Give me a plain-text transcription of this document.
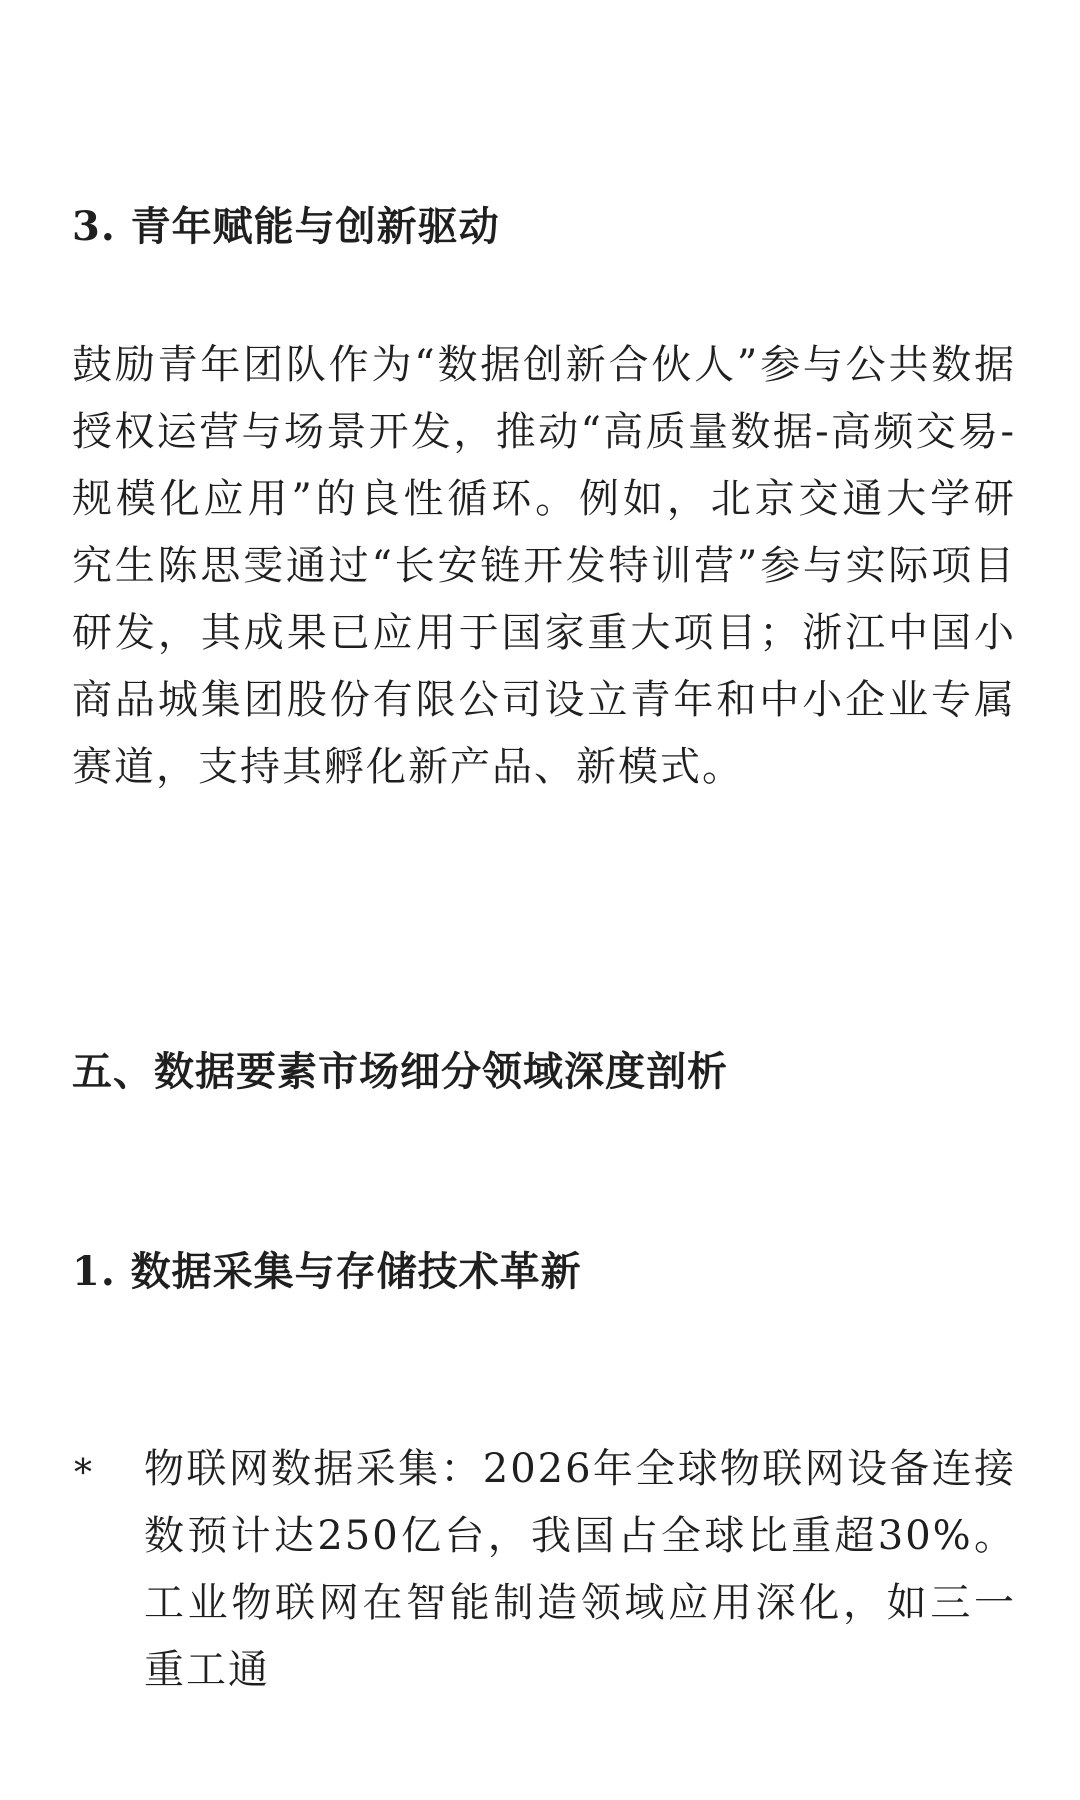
3. 青年赋能与创新驱动

鼓励青年团队作为“数据创新合伙人”参与公共数据授权运营与场景开发，推动“高质量数据-高频交易-规模化应用”的良性循环。例如，北京交通大学研究生陈思雯通过“长安链开发特训营”参与实际项目研发，其成果已应用于国家重大项目；浙江中国小商品城集团股份有限公司设立青年和中小企业专属赛道，支持其孵化新产品、新模式。

五、数据要素市场细分领域深度剖析
1. 数据采集与存储技术革新
* 物联网数据采集：2026年全球物联网设备连接数预计达250亿台，我国占全球比重超30%。工业物联网在智能制造领域应用深化，如三一重工通
